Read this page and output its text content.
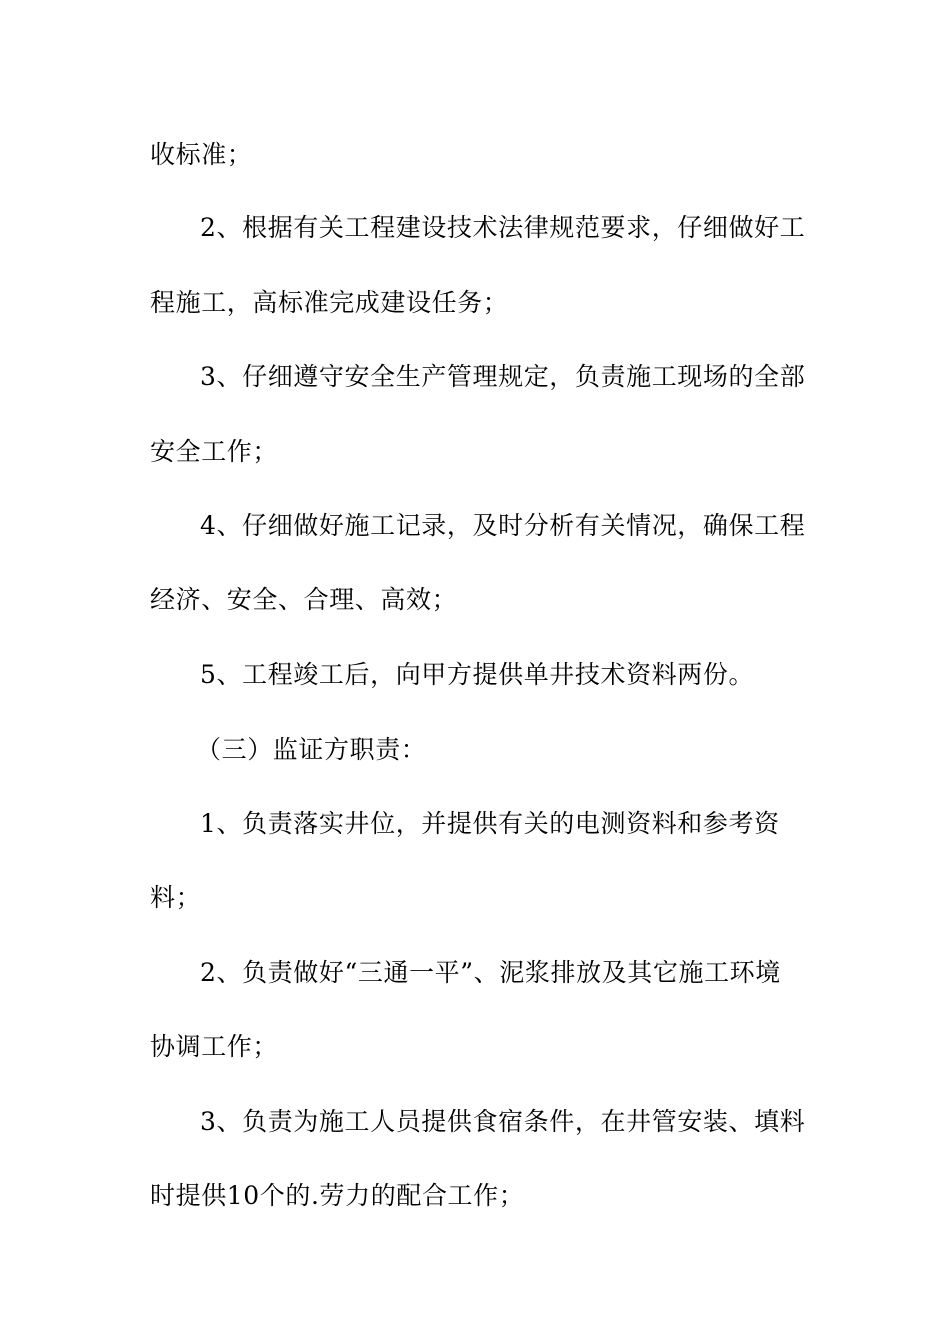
收标准；
2、根据有关工程建设技术法律规范要求，仔细做好工
程施工，高标准完成建设任务；
3、仔细遵守安全生产管理规定，负责施工现场的全部
安全工作；
4、仔细做好施工记录，及时分析有关情况，确保工程
经济、安全、合理、高效；
5、工程竣工后，向甲方提供单井技术资料两份。
（三）监证方职责：
1、负责落实井位，并提供有关的电测资料和参考资
料；
2、负责做好“三通一平”、泥浆排放及其它施工环境
协调工作；
3、负责为施工人员提供食宿条件，在井管安装、填料
时提供10个的.劳力的配合工作；
